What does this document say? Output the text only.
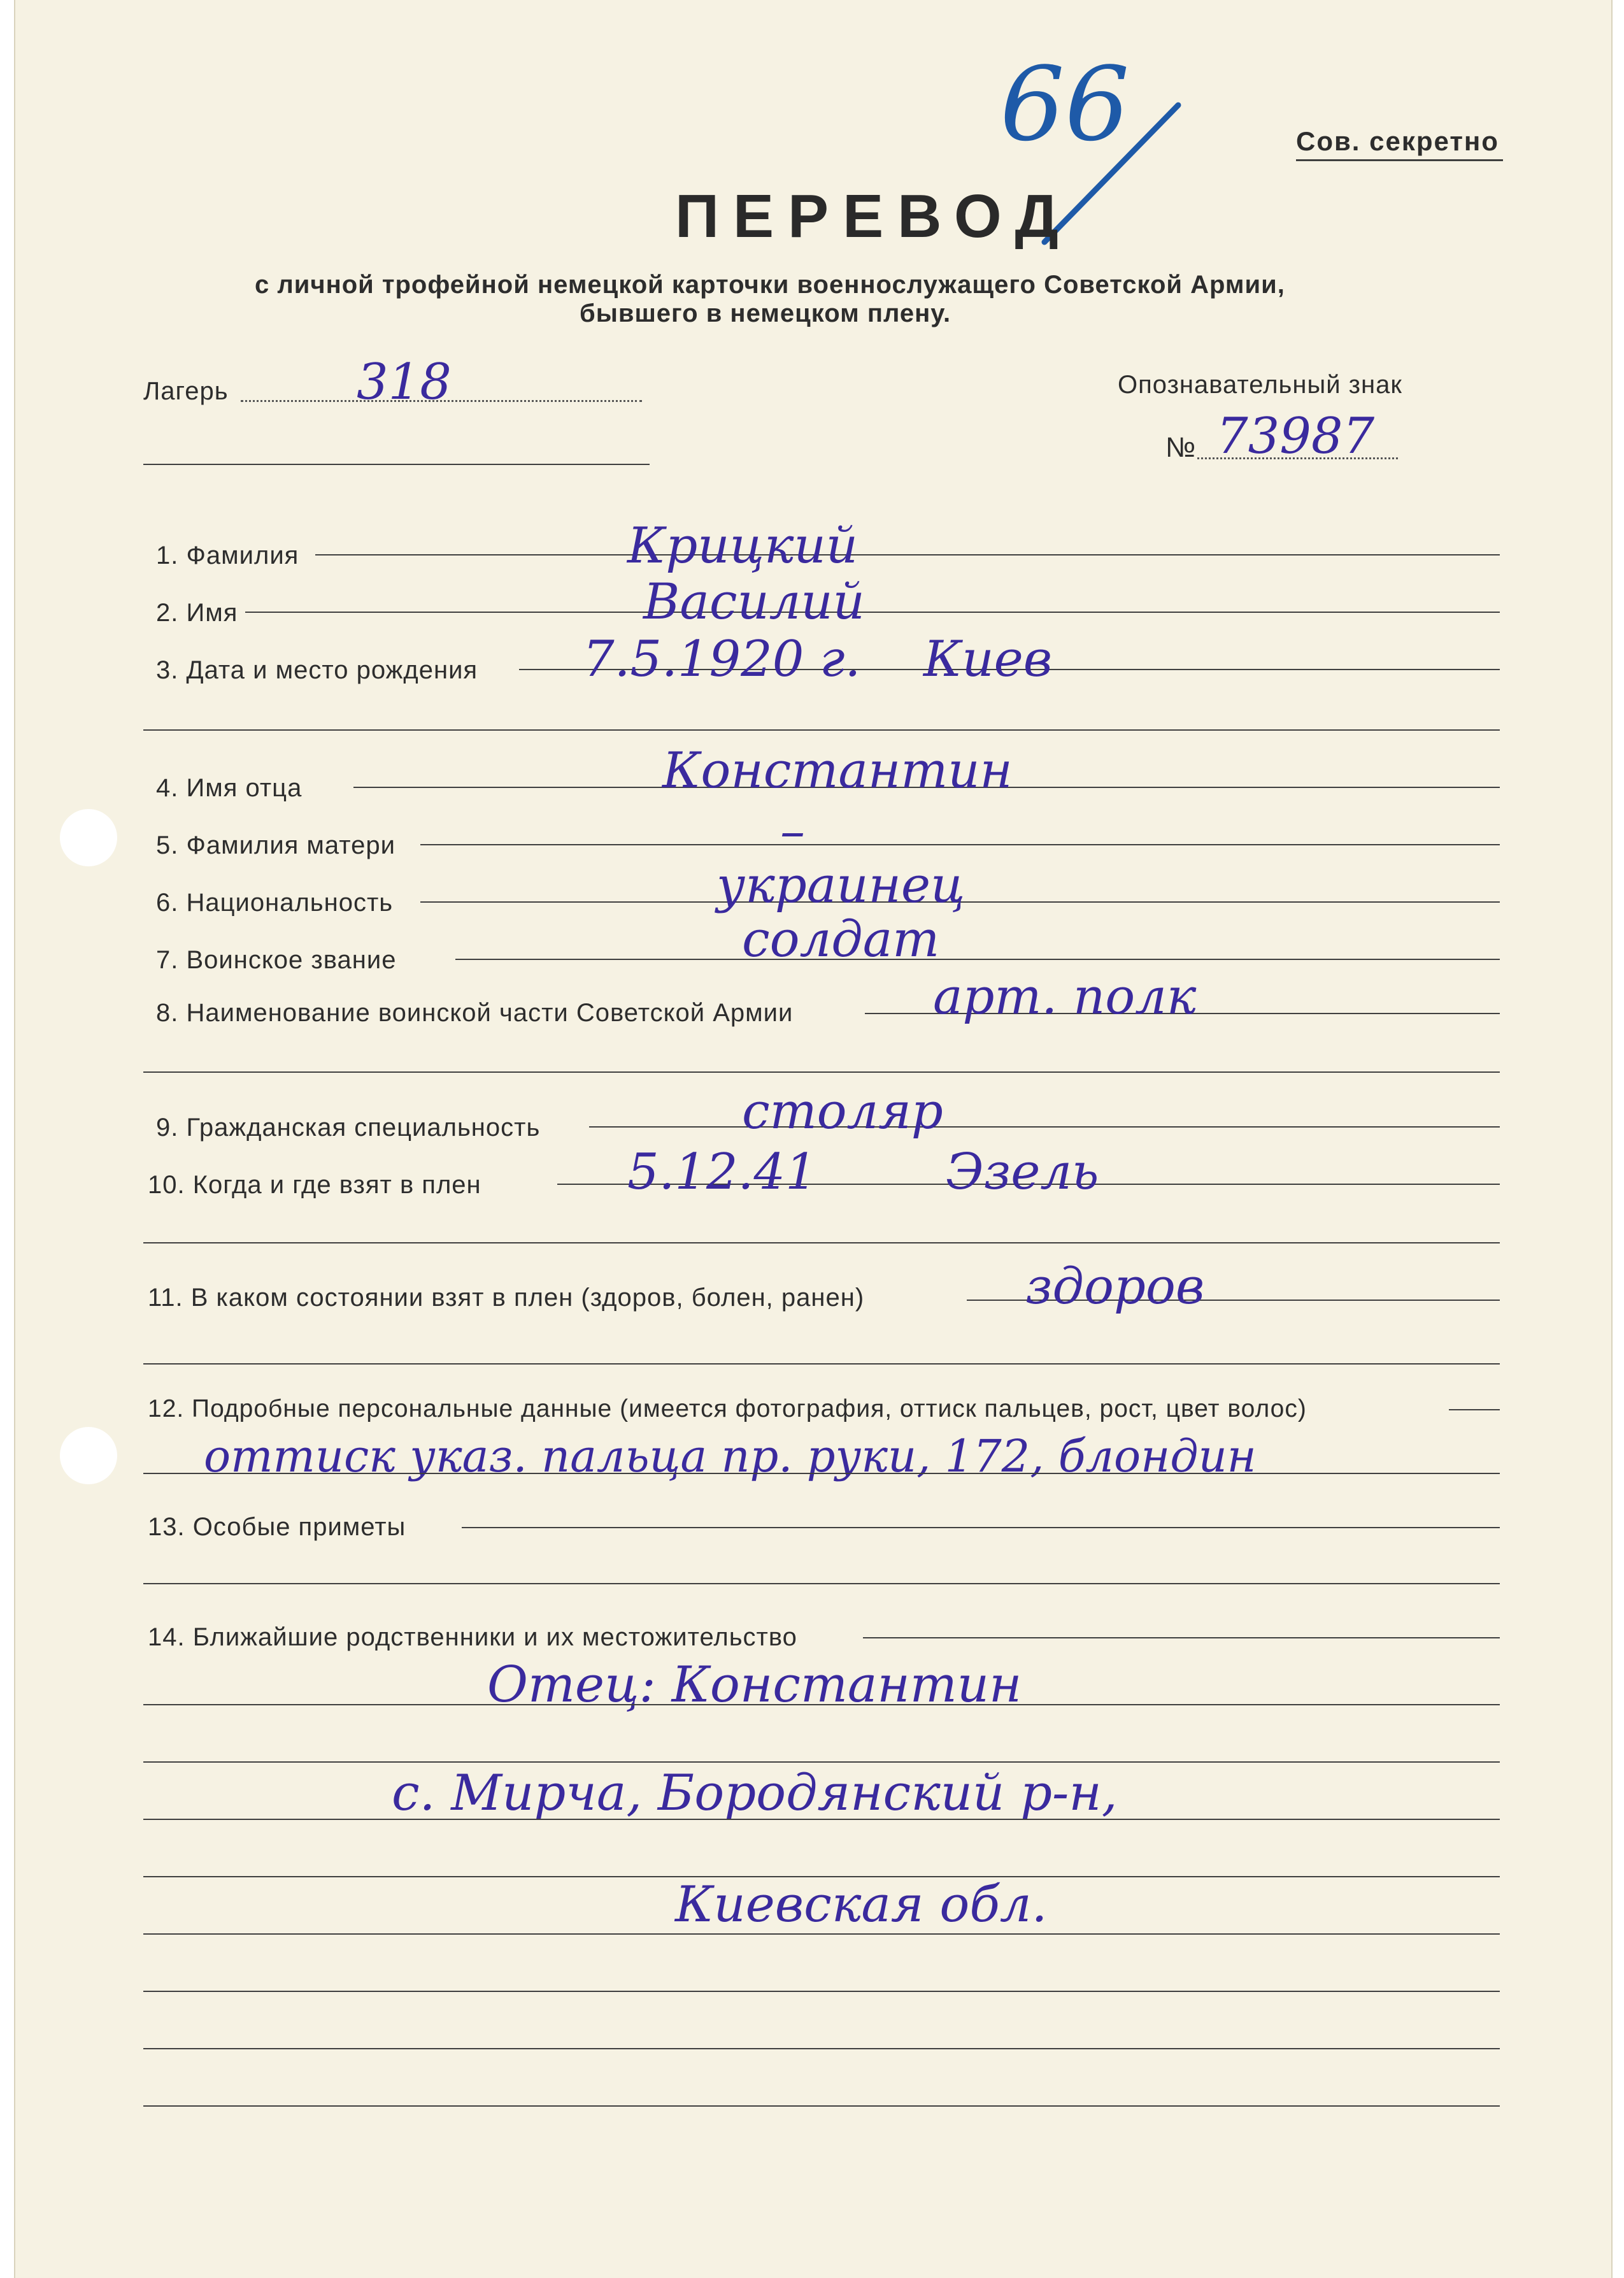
66	Сов. секретно
ПЕРЕВОД
с личной трофейной немецкой карточки военнослужащего Советской Армии,
бывшего в немецком плену.
Лагерь	318	Опознавательный знак
№ 73987
1. Фамилия	Крицкий
2. Имя	Василий
3. Дата и место рождения 7.5.1920 г. Киев
4. Имя отца	Константин
5. Фамилия матери	–
6. Национальность	украинец
7. Воинское звание	солдат
8. Наименование воинской части Советской Армии	арт. полк
9. Гражданская специальность	столяр
10. Когда и где взят в плен	5.12.41	Эзель
11. В каком состоянии взят в плен (здоров, болен, ранен)	здоров
12. Подробные персональные данные (имеется фотография, оттиск пальцев, рост, цвет волос)
оттиск указ. пальца пр. руки, 172, блондин
13. Особые приметы
14. Ближайшие родственники и их местожительство
Отец: Константин
с. Мирча, Бородянский р-н,
Киевская обл.
